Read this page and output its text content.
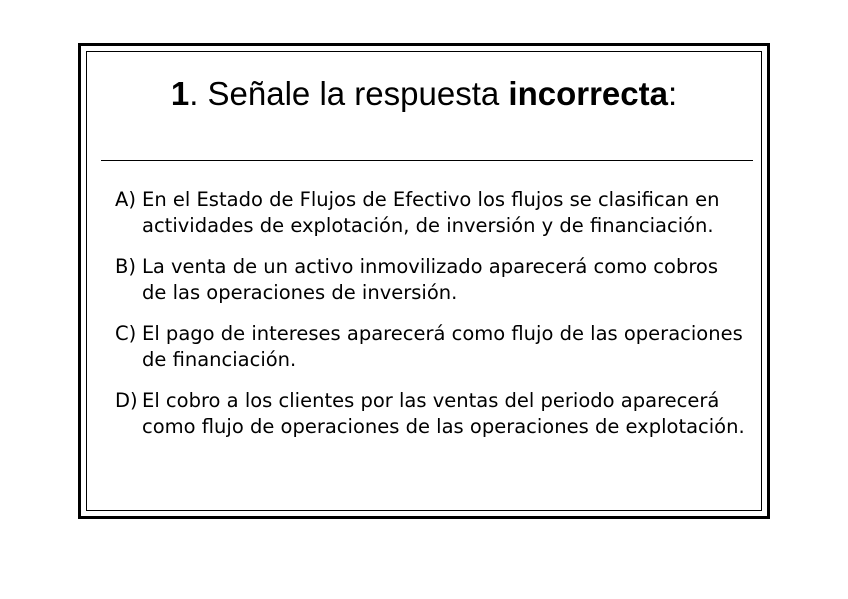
1. Señale la respuesta incorrecta:
A) En el Estado de Flujos de Efectivo los flujos se clasifican en actividades de explotación, de inversión y de financiación.
B) La venta de un activo inmovilizado aparecerá como cobros de las operaciones de inversión.
C) El pago de intereses aparecerá como flujo de las operaciones de financiación.
D)
El cobro a los clientes por las ventas del periodo aparecerá como flujo de operaciones de las operaciones de explotación.
